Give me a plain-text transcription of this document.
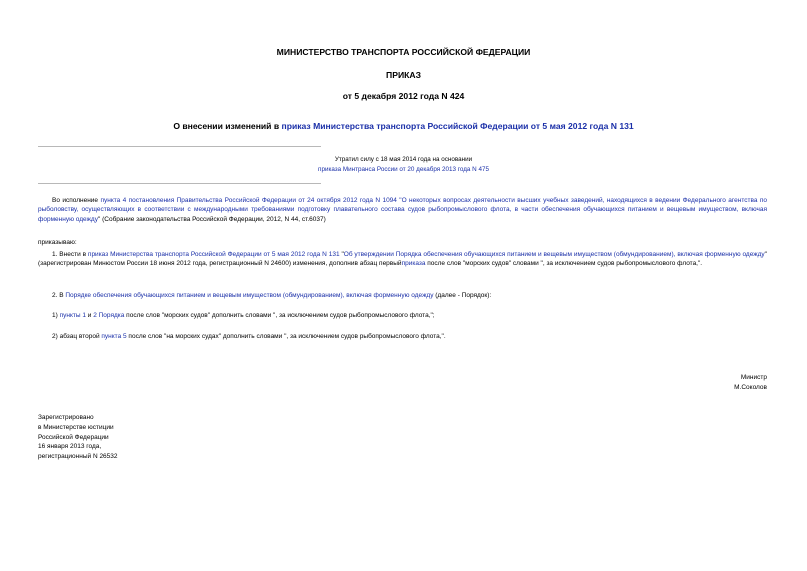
МИНИСТЕРСТВО ТРАНСПОРТА РОССИЙСКОЙ ФЕДЕРАЦИИ
ПРИКАЗ
от 5 декабря 2012 года N 424
О внесении изменений в приказ Министерства транспорта Российской Федерации от 5 мая 2012 года N 131
Утратил силу с 18 мая 2014 года на основании
приказа Минтранса России от 20 декабря 2013 года N 475
Во исполнение пункта 4 постановления Правительства Российской Федерации от 24 октября 2012 года N 1094 "О некоторых вопросах деятельности высших учебных заведений, находящихся в ведении Федерального агентства по рыболовству, осуществляющих в соответствии с международными требованиями подготовку плавательного состава судов рыбопромыслового флота, в части обеспечения обучающихся питанием и вещевым имуществом, включая форменную одежду" (Собрание законодательства Российской Федерации, 2012, N 44, ст.6037)
приказываю:
1. Внести в приказ Министерства транспорта Российской Федерации от 5 мая 2012 года N 131 "Об утверждении Порядка обеспечения обучающихся питанием и вещевым имуществом (обмундированием), включая форменную одежду" (зарегистрирован Минюстом России 18 июня 2012 года, регистрационный N 24600) изменения, дополнив абзац первыйприказа после слов "морских судов" словами ", за исключением судов рыбопромыслового флота,".
2. В Порядке обеспечения обучающихся питанием и вещевым имуществом (обмундированием), включая форменную одежду (далее - Порядок):
1) пункты 1 и 2 Порядка после слов "морских судов" дополнить словами ", за исключением судов рыбопромыслового флота,";
2) абзац второй пункта 5 после слов "на морских судах" дополнить словами ", за исключением судов рыбопромыслового флота,".
Министр
М.Соколов
Зарегистрировано
в Министерстве юстиции
Российской Федерации
16 января 2013 года,
регистрационный N 26532
